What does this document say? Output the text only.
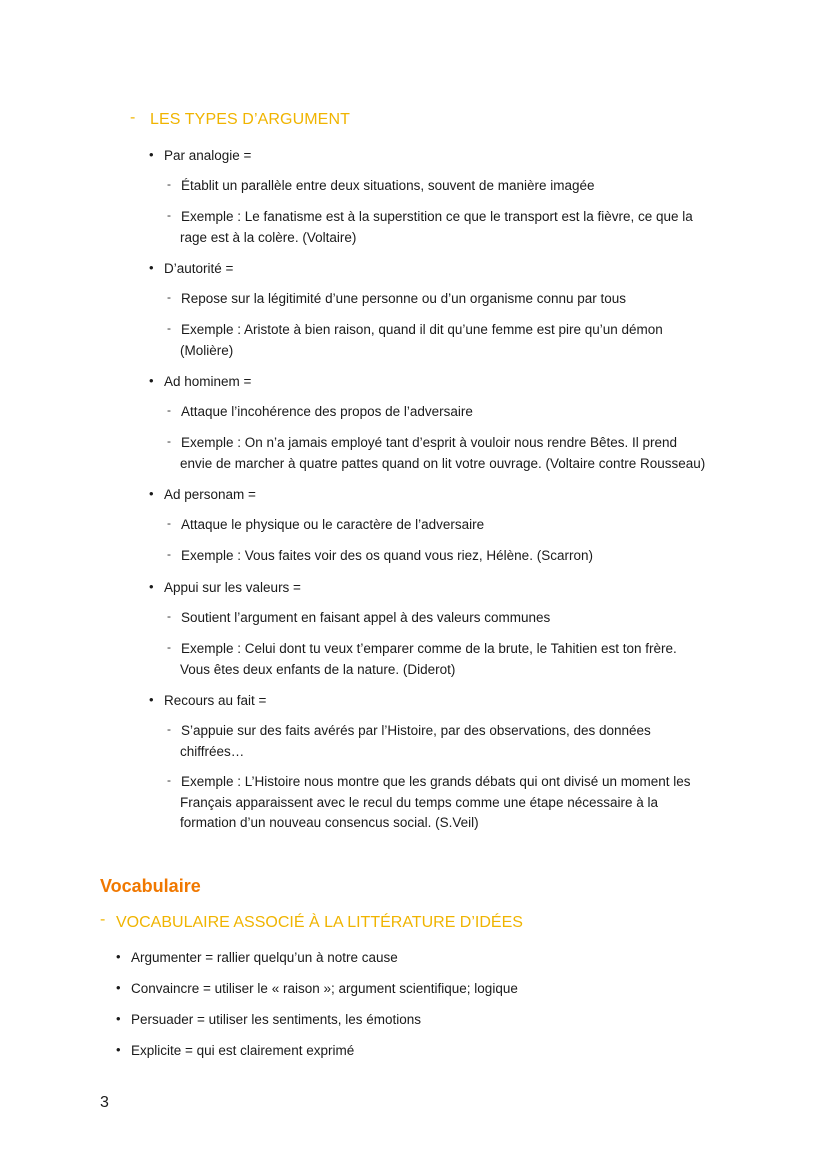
- LES TYPES D’ARGUMENT
• Par analogie =
- Établit un parallèle entre deux situations, souvent de manière imagée
- Exemple : Le fanatisme est à la superstition ce que le transport est la fièvre, ce que la
rage est à la colère. (Voltaire)
• D’autorité =
- Repose sur la légitimité d’une personne ou d’un organisme connu par tous
- Exemple : Aristote à bien raison, quand il dit qu’une femme est pire qu’un démon
(Molière)
• Ad hominem =
- Attaque l’incohérence des propos de l’adversaire
- Exemple : On n’a jamais employé tant d’esprit à vouloir nous rendre Bêtes. Il prend
envie de marcher à quatre pattes quand on lit votre ouvrage. (Voltaire contre Rousseau)
• Ad personam =
- Attaque le physique ou le caractère de l’adversaire
- Exemple : Vous faites voir des os quand vous riez, Hélène. (Scarron)
• Appui sur les valeurs =
- Soutient l’argument en faisant appel à des valeurs communes
- Exemple : Celui dont tu veux t’emparer comme de la brute, le Tahitien est ton frère.
Vous êtes deux enfants de la nature. (Diderot)
• Recours au fait =
- S’appuie sur des faits avérés par l’Histoire, par des observations, des données
chiffrées…
- Exemple : L’Histoire nous montre que les grands débats qui ont divisé un moment les
Français apparaissent avec le recul du temps comme une étape nécessaire à la
formation d’un nouveau consencus social. (S.Veil)
Vocabulaire
- VOCABULAIRE ASSOCIÉ À LA LITTÉRATURE D’IDÉES
• Argumenter = rallier quelqu’un à notre cause
• Convaincre = utiliser le « raison »; argument scientifique; logique
• Persuader = utiliser les sentiments, les émotions
• Explicite = qui est clairement exprimé
3
